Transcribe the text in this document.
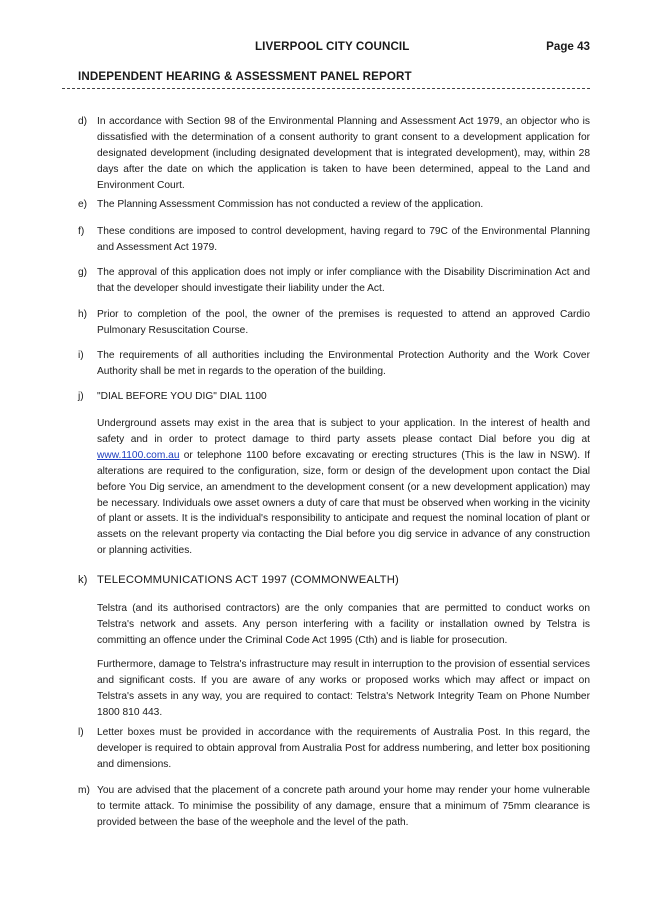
LIVERPOOL CITY COUNCIL	Page 43
INDEPENDENT HEARING & ASSESSMENT PANEL REPORT
d) In accordance with Section 98 of the Environmental Planning and Assessment Act 1979, an objector who is dissatisfied with the determination of a consent authority to grant consent to a development application for designated development (including designated development that is integrated development), may, within 28 days after the date on which the application is taken to have been determined, appeal to the Land and Environment Court.
e) The Planning Assessment Commission has not conducted a review of the application.
f) These conditions are imposed to control development, having regard to 79C of the Environmental Planning and Assessment Act 1979.
g) The approval of this application does not imply or infer compliance with the Disability Discrimination Act and that the developer should investigate their liability under the Act.
h) Prior to completion of the pool, the owner of the premises is requested to attend an approved Cardio Pulmonary Resuscitation Course.
i) The requirements of all authorities including the Environmental Protection Authority and the Work Cover Authority shall be met in regards to the operation of the building.
j) "DIAL BEFORE YOU DIG" DIAL 1100
Underground assets may exist in the area that is subject to your application. In the interest of health and safety and in order to protect damage to third party assets please contact Dial before you dig at www.1100.com.au or telephone 1100 before excavating or erecting structures (This is the law in NSW). If alterations are required to the configuration, size, form or design of the development upon contact the Dial before You Dig service, an amendment to the development consent (or a new development application) may be necessary. Individuals owe asset owners a duty of care that must be observed when working in the vicinity of plant or assets. It is the individual's responsibility to anticipate and request the nominal location of plant or assets on the relevant property via contacting the Dial before you dig service in advance of any construction or planning activities.
k) TELECOMMUNICATIONS ACT 1997 (COMMONWEALTH)
Telstra (and its authorised contractors) are the only companies that are permitted to conduct works on Telstra's network and assets. Any person interfering with a facility or installation owned by Telstra is committing an offence under the Criminal Code Act 1995 (Cth) and is liable for prosecution.
Furthermore, damage to Telstra's infrastructure may result in interruption to the provision of essential services and significant costs. If you are aware of any works or proposed works which may affect or impact on Telstra's assets in any way, you are required to contact: Telstra's Network Integrity Team on Phone Number 1800 810 443.
l) Letter boxes must be provided in accordance with the requirements of Australia Post. In this regard, the developer is required to obtain approval from Australia Post for address numbering, and letter box positioning and dimensions.
m) You are advised that the placement of a concrete path around your home may render your home vulnerable to termite attack. To minimise the possibility of any damage, ensure that a minimum of 75mm clearance is provided between the base of the weephole and the level of the path.
